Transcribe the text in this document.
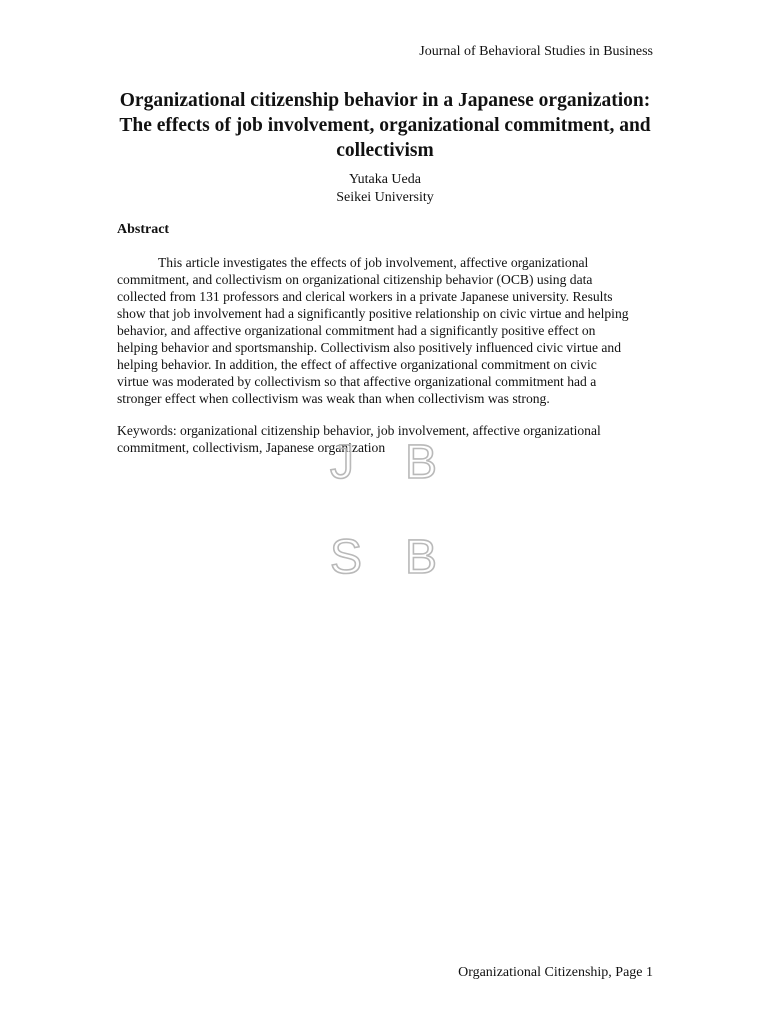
Journal of Behavioral Studies in Business
Organizational citizenship behavior in a Japanese organization:
The effects of job involvement, organizational commitment, and
collectivism
Yutaka Ueda
Seikei University
Abstract
This article investigates the effects of job involvement, affective organizational
commitment, and collectivism on organizational citizenship behavior (OCB) using data
collected from 131 professors and clerical workers in a private Japanese university. Results
show that job involvement had a significantly positive relationship on civic virtue and helping
behavior, and affective organizational commitment had a significantly positive effect on
helping behavior and sportsmanship. Collectivism also positively influenced civic virtue and
helping behavior. In addition, the effect of affective organizational commitment on civic
virtue was moderated by collectivism so that affective organizational commitment had a
stronger effect when collectivism was weak than when collectivism was strong.
Keywords: organizational citizenship behavior, job involvement, affective organizational
commitment, collectivism, Japanese organization
J B
S B
Organizational Citizenship, Page 1
